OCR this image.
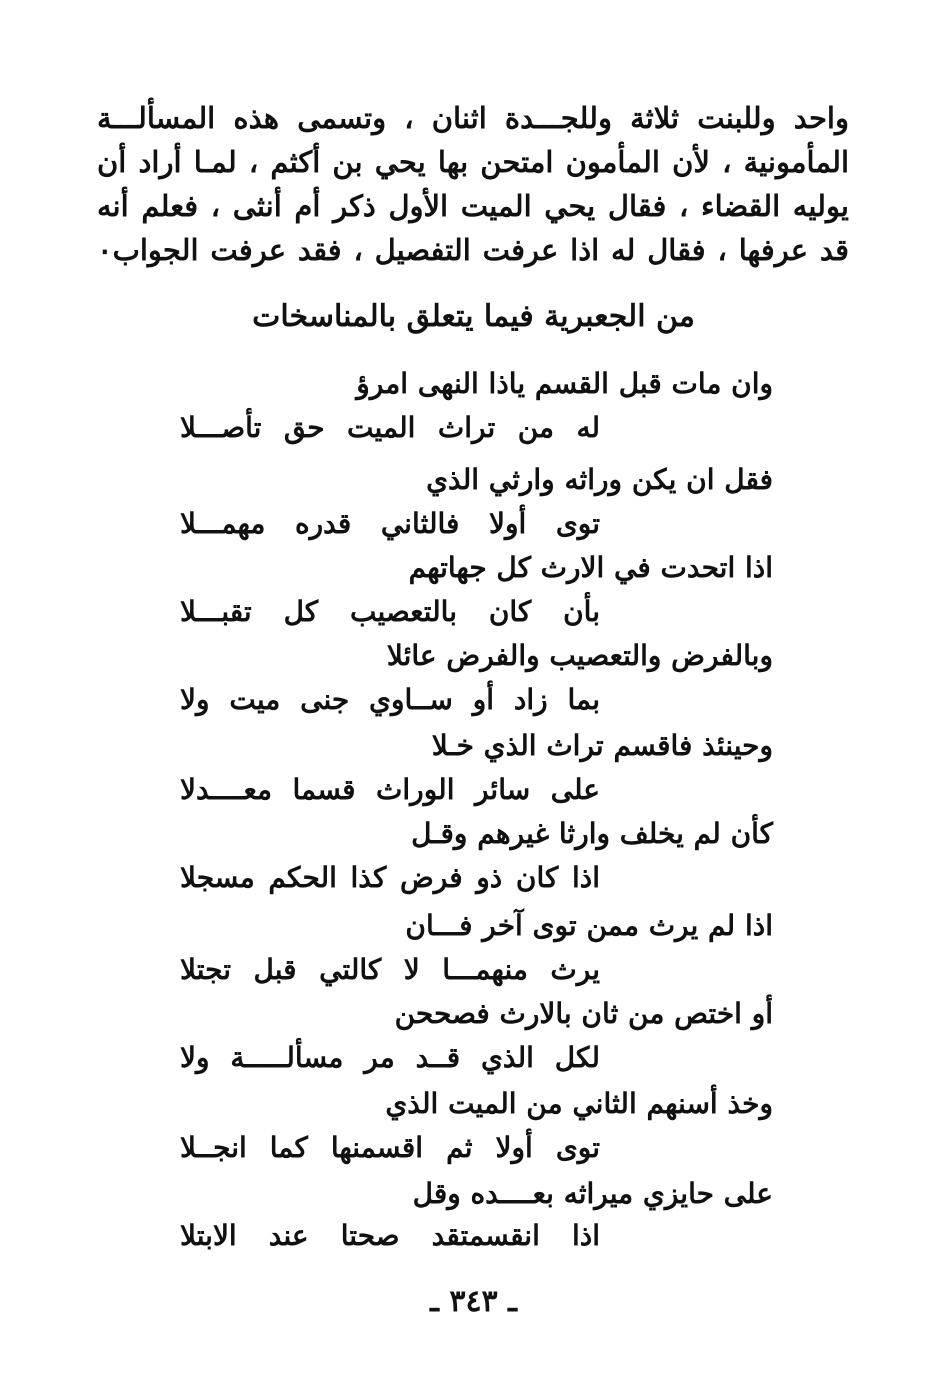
واحد وللبنت ثلاثة وللجـــدة اثنان ، وتسمى هذه المسألـــة
المأمونية ، لأن المأمون امتحن بها يحي بن أكثم ، لمـا أراد أن
يوليه القضاء ، فقال يحي الميت الأول ذكر أم أنثى ، فعلم أنه
قد عرفها ، فقال له اذا عرفت التفصيل ، فقد عرفت الجواب٠
من الجعبرية فيما يتعلق بالمناسخات
وان مات قبل القسم ياذا النهى امرؤ
له من تراث الميت حق تأصـــلا
فقل ان يكن وراثه وارثي الذي
توى أولا فالثاني قدره مهمـــلا
اذا اتحدت في الارث كل جهاتهم
بأن كان بالتعصيب كل تقبـــلا
وبالفرض والتعصيب والفرض عائلا
بما زاد أو ســاوي جنى ميت ولا
وحينئذ فاقسم تراث الذي خـلا
على سائر الوراث قسما معــــدلا
كأن لم يخلف وارثا غيرهم وقـل
اذا كان ذو فرض كذا الحكم مسجلا
اذا لم يرث ممن توى آخر فـــان
يرث منهمـــا لا كالتي قبل تجتلا
أو اختص من ثان بالارث فصححن
لكل الذي قــد مر مسألـــــة ولا
وخذ أسنهم الثاني من الميت الذي
توى أولا ثم اقسمنها كما انجــلا
على حايزي ميراثه بعــــده وقل
اذا انقسمتقد صحتا عند الابتلا
ـ ٣٤٣ ـ
